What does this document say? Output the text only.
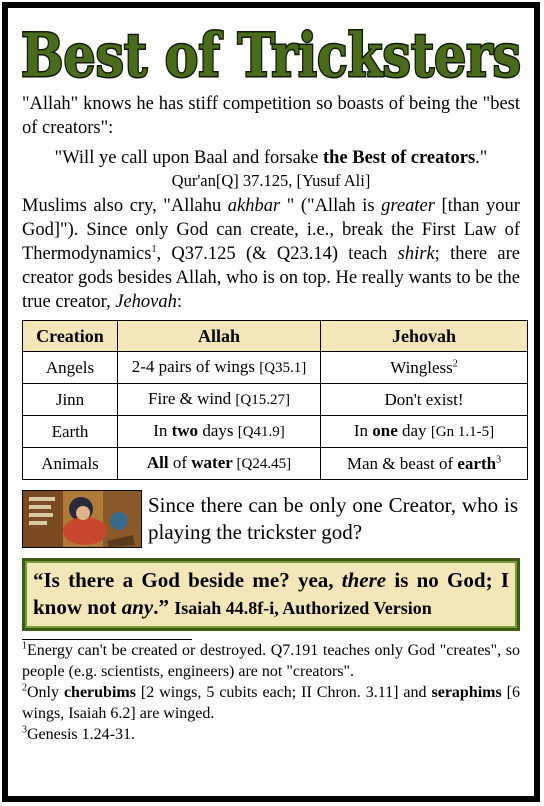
Best of Tricksters

"Allah" knows he has stiff competition so boasts of being the "best of creators":

"Will ye call upon Baal and forsake the Best of creators."

Qur'an[Q] 37.125, [Yusuf Ali]

Muslims also cry, "Allahu akhbar " ("Allah is greater [than your God]"). Since only God can create, i.e., break the First Law of Thermodynamics$^1$, Q37.125 (& Q23.14) teach shirk; there are creator gods besides Allah, who is on top. He really wants to be the true creator, Jehovah:

Creation	Allah	Jehovah
Angels	2-4 pairs of wings [Q35.1]	Wingless$^2$
Jinn	Fire & wind [Q15.27]	Don't exist!
Earth	In two days [Q41.9]	In one day [Gn 1.1-5]
Animals	All of water [Q24.45]	Man & beast of earth$^3$
Since there can be only one Creator, who is playing the trickster god?
“Is there a God beside me? yea, there is no God; I know not any.” Isaiah 44.8f-i, Authorized Version

$^1$Energy can't be created or destroyed. Q7.191 teaches only God "creates", so people (e.g. scientists, engineers) are not "creators".

$^2$Only cherubims [2 wings, 5 cubits each; II Chron. 3.11] and seraphims [6 wings, Isaiah 6.2] are winged.

$^3$Genesis 1.24-31.
